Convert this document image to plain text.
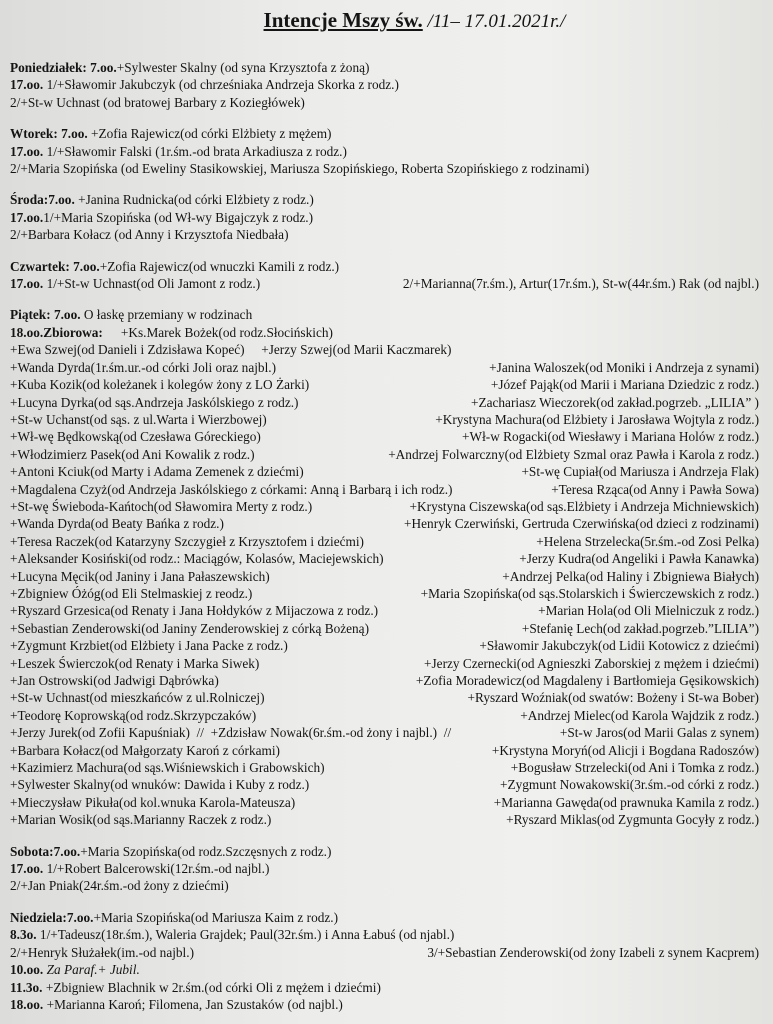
Intencje Mszy św. /11– 17.01.2021r./
Poniedziałek: 7.oo.+Sylwester Skalny (od syna Krzysztofa z żoną)
17.oo. 1/+Sławomir Jakubczyk (od chrześniaka Andrzeja Skorka z rodz.)
2/+St-w Uchnast (od bratowej Barbary z Koziegłówek)
Wtorek: 7.oo. +Zofia Rajewicz(od córki Elżbiety z mężem)
17.oo. 1/+Sławomir Falski (1r.śm.-od brata Arkadiusza z rodz.)
2/+Maria Szopińska (od Eweliny Stasikowskiej, Mariusza Szopińskiego, Roberta Szopińskiego z rodzinami)
Środa:7.oo. +Janina Rudnicka(od córki Elżbiety z rodz.)
17.oo.1/+Maria Szopińska (od Wł-wy Bigajczyk z rodz.)
2/+Barbara Kołacz (od Anny i Krzysztofa Niedbała)
Czwartek: 7.oo.+Zofia Rajewicz(od wnuczki Kamili z rodz.)
17.oo. 1/+St-w Uchnast(od Oli Jamont z rodz.)	2/+Marianna(7r.śm.), Artur(17r.śm.), St-w(44r.śm.) Rak (od najbl.)
Piątek: 7.oo. O łaskę przemiany w rodzinach
18.oo.Zbiorowa: +Ks.Marek Bożek(od rodz.Słocińskich)
+Ewa Szwej(od Danieli i Zdzisława Kopeć)     +Jerzy Szwej(od Marii Kaczmarek)
+Wanda Dyrda(1r.śm.ur.-od córki Joli oraz najbl.)	+Janina Waloszek(od Moniki i Andrzeja z synami)
+Kuba Kozik(od koleżanek i kolegów żony z LO Żarki)	+Józef Pająk(od Marii i Mariana Dziedzic z rodz.)
+Lucyna Dyrka(od sąs.Andrzeja Jaskólskiego z rodz.)	+Zachariasz Wieczorek(od zakład.pogrzeb. „LILIA” )
+St-w Uchanst(od sąs. z ul.Warta i Wierzbowej)	+Krystyna Machura(od Elżbiety i Jarosława Wojtyla z rodz.)
+Wł-wę Będkowską(od Czesława Góreckiego)	+Wł-w Rogacki(od Wiesławy i Mariana Holów z rodz.)
+Włodzimierz Pasek(od Ani Kowalik z rodz.)	+Andrzej Folwarczny(od Elżbiety Szmal oraz Pawła i Karola z rodz.)
+Antoni Kciuk(od Marty i Adama Zemenek z dziećmi)	+St-wę Cupiał(od Mariusza i Andrzeja Flak)
+Magdalena Czyż(od Andrzeja Jaskólskiego z córkami: Anną i Barbarą i ich rodz.)	+Teresa Rząca(od Anny i Pawła Sowa)
+St-wę Świeboda-Kańtoch(od Sławomira Merty z rodz.)	+Krystyna Ciszewska(od sąs.Elżbiety i Andrzeja Michniewskich)
+Wanda Dyrda(od Beaty Bańka z rodz.)	+Henryk Czerwiński, Gertruda Czerwińska(od dzieci z rodzinami)
+Teresa Raczek(od Katarzyny Szczygieł z Krzysztofem i dziećmi)	+Helena Strzelecka(5r.śm.-od Zosi Pelka)
+Aleksander Kosiński(od rodz.: Maciągów, Kolasów, Maciejewskich)	+Jerzy Kudra(od Angeliki i Pawła Kanawka)
+Lucyna Męcik(od Janiny i Jana Pałaszewskich)	+Andrzej Pelka(od Haliny i Zbigniewa Białych)
+Zbigniew Óżóg(od Eli Stelmaskiej z reodz.)	+Maria Szopińska(od sąs.Stolarskich i Świerczewskich z rodz.)
+Ryszard Grzesica(od Renaty i Jana Hołdyków z Mijaczowa z rodz.)	+Marian Hola(od Oli Mielniczuk z rodz.)
+Sebastian Zenderowski(od Janiny Zenderowskiej z córką Bożeną)	+Stefanię Lech(od zakład.pogrzeb.”LILIA”)
+Zygmunt Krzbiet(od Elżbiety i Jana Packe z rodz.)	+Sławomir Jakubczyk(od Lidii Kotowicz z dziećmi)
+Leszek Świerczok(od Renaty i Marka Siwek)	+Jerzy Czernecki(od Agnieszki Zaborskiej z mężem i dziećmi)
+Jan Ostrowski(od Jadwigi Dąbrówka)	+Zofia Moradewicz(od Magdaleny i Bartłomieja Gęsikowskich)
+St-w Uchnast(od mieszkańców z ul.Rolniczej)	+Ryszard Woźniak(od swatów: Bożeny i St-wa Bober)
+Teodorę Koprowską(od rodz.Skrzypczaków)	+Andrzej Mielec(od Karola Wajdzik z rodz.)
+Jerzy Jurek(od Zofii Kapuśniak)  //  +Zdzisław Nowak(6r.śm.-od żony i najbl.)  //	+St-w Jaros(od Marii Galas z synem)
+Barbara Kołacz(od Małgorzaty Karoń z córkami)	+Krystyna Moryń(od Alicji i Bogdana Radoszów)
+Kazimierz Machura(od sąs.Wiśniewskich i Grabowskich)	+Bogusław Strzelecki(od Ani i Tomka z rodz.)
+Sylwester Skalny(od wnuków: Dawida i Kuby z rodz.)	+Zygmunt Nowakowski(3r.śm.-od córki z rodz.)
+Mieczysław Pikuła(od kol.wnuka Karola-Mateusza)	+Marianna Gawęda(od prawnuka Kamila z rodz.)
+Marian Wosik(od sąs.Marianny Raczek z rodz.)	+Ryszard Miklas(od Zygmunta Gocyły z rodz.)
Sobota:7.oo.+Maria Szopińska(od rodz.Szczęsnych z rodz.)
17.oo. 1/+Robert Balcerowski(12r.śm.-od najbl.)
2/+Jan Pniak(24r.śm.-od żony z dziećmi)
Niedziela:7.oo.+Maria Szopińska(od Mariusza Kaim z rodz.)
8.3o. 1/+Tadeusz(18r.śm.), Waleria Grajdek; Paul(32r.śm.) i Anna Łabuś (od njabl.)
2/+Henryk Służałek(im.-od najbl.)	3/+Sebastian Zenderowski(od żony Izabeli z synem Kacprem)
10.oo. Za Paraf.+ Jubil.
11.3o. +Zbigniew Blachnik w 2r.śm.(od córki Oli z mężem i dziećmi)
18.oo. +Marianna Karoń; Filomena, Jan Szustaków (od najbl.)
